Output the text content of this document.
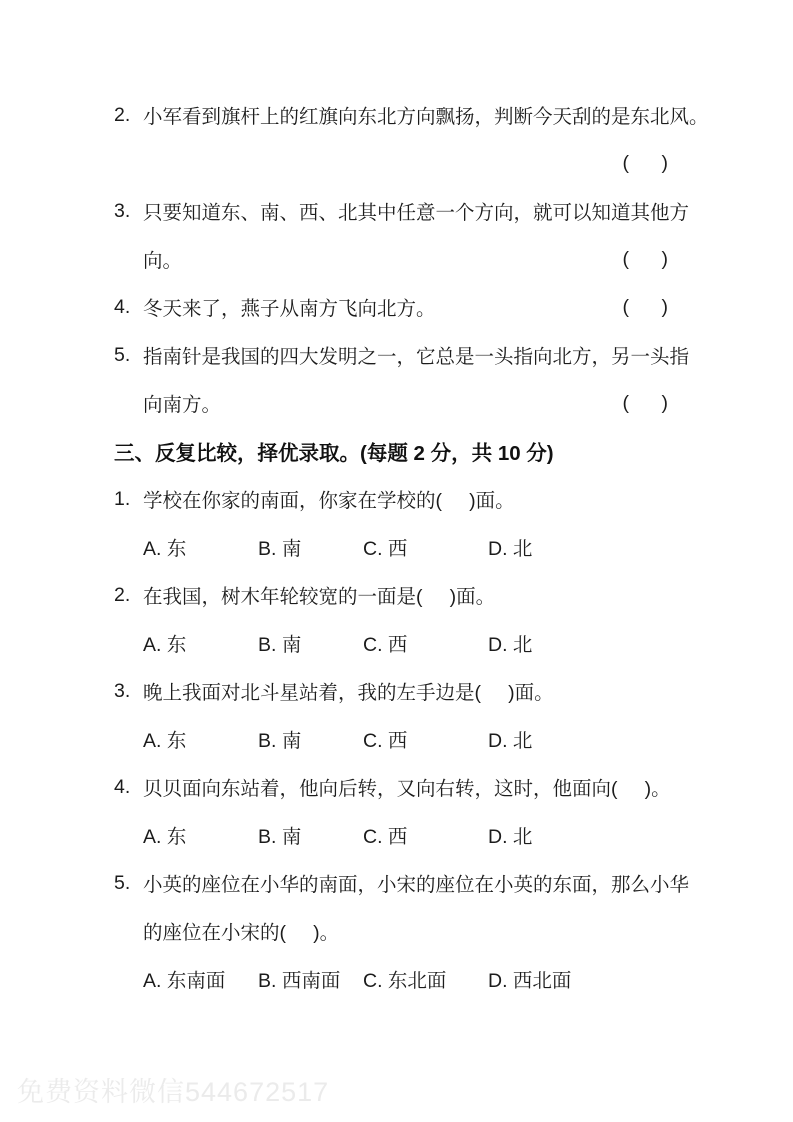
2. 小军看到旗杆上的红旗向东北方向飘扬，判断今天刮的是东北风。
(      )
3. 只要知道东、南、西、北其中任意一个方向，就可以知道其他方
向。	(      )
4. 冬天来了，燕子从南方飞向北方。	(      )
5. 指南针是我国的四大发明之一，它总是一头指向北方，另一头指
向南方。	(      )
三、反复比较，择优录取。(每题 2 分，共 10 分)
1. 学校在你家的南面，你家在学校的(     )面。
A. 东	B. 南	C. 西	D. 北
2. 在我国，树木年轮较宽的一面是(     )面。
A. 东	B. 南	C. 西	D. 北
3. 晚上我面对北斗星站着，我的左手边是(     )面。
A. 东	B. 南	C. 西	D. 北
4. 贝贝面向东站着，他向后转，又向右转，这时，他面向(     )。
A. 东	B. 南	C. 西	D. 北
5. 小英的座位在小华的南面，小宋的座位在小英的东面，那么小华
的座位在小宋的(     )。
A. 东南面 B. 西南面 C. 东北面 D. 西北面
免费资料微信544672517
